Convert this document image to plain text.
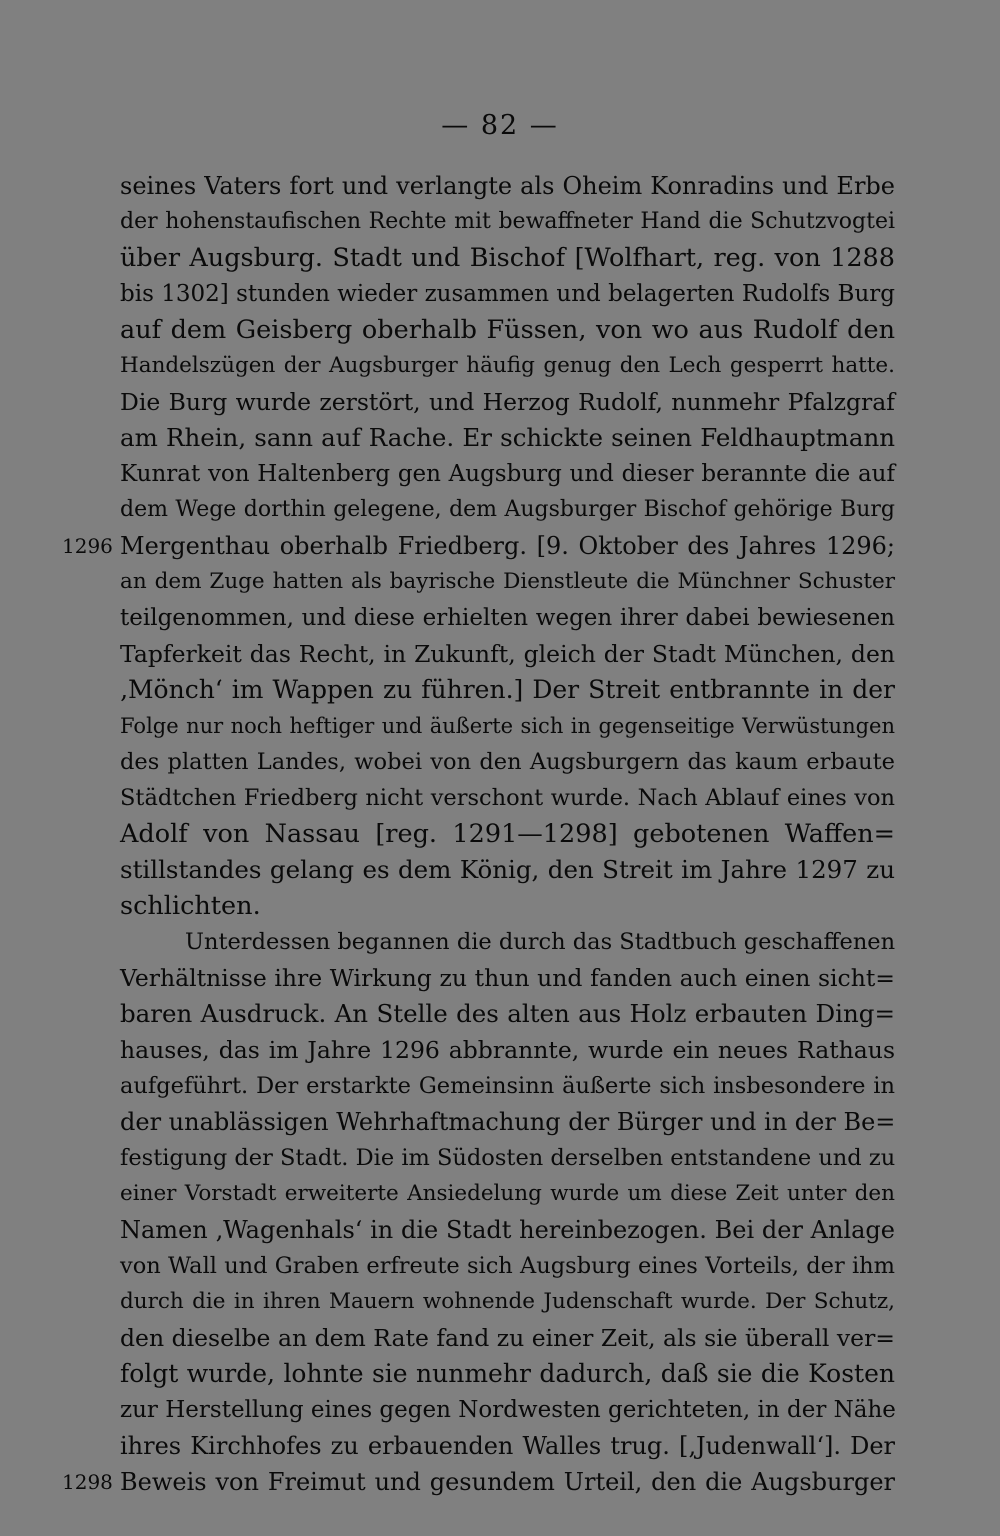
— 82 —
seines Vaters fort und verlangte als Oheim Konradins und Erbe
der hohenstaufischen Rechte mit bewaffneter Hand die Schutzvogtei
über Augsburg. Stadt und Bischof [Wolfhart, reg. von 1288
bis 1302] stunden wieder zusammen und belagerten Rudolfs Burg
auf dem Geisberg oberhalb Füssen, von wo aus Rudolf den
Handelszügen der Augsburger häufig genug den Lech gesperrt hatte.
Die Burg wurde zerstört, und Herzog Rudolf, nunmehr Pfalzgraf
am Rhein, sann auf Rache. Er schickte seinen Feldhauptmann
Kunrat von Haltenberg gen Augsburg und dieser berannte die auf
dem Wege dorthin gelegene, dem Augsburger Bischof gehörige Burg
1296 Mergenthau oberhalb Friedberg. [9. Oktober des Jahres 1296;
an dem Zuge hatten als bayrische Dienstleute die Münchner Schuster
teilgenommen, und diese erhielten wegen ihrer dabei bewiesenen
Tapferkeit das Recht, in Zukunft, gleich der Stadt München, den
‚Mönch‘ im Wappen zu führen.] Der Streit entbrannte in der
Folge nur noch heftiger und äußerte sich in gegenseitige Verwüstungen
des platten Landes, wobei von den Augsburgern das kaum erbaute
Städtchen Friedberg nicht verschont wurde. Nach Ablauf eines von
Adolf von Nassau [reg. 1291—1298] gebotenen Waffen=
stillstandes gelang es dem König, den Streit im Jahre 1297 zu
schlichten.
Unterdessen begannen die durch das Stadtbuch geschaffenen
Verhältnisse ihre Wirkung zu thun und fanden auch einen sicht=
baren Ausdruck. An Stelle des alten aus Holz erbauten Ding=
hauses, das im Jahre 1296 abbrannte, wurde ein neues Rathaus
aufgeführt. Der erstarkte Gemeinsinn äußerte sich insbesondere in
der unablässigen Wehrhaftmachung der Bürger und in der Be=
festigung der Stadt. Die im Südosten derselben entstandene und zu
einer Vorstadt erweiterte Ansiedelung wurde um diese Zeit unter den
Namen ‚Wagenhals‘ in die Stadt hereinbezogen. Bei der Anlage
von Wall und Graben erfreute sich Augsburg eines Vorteils, der ihm
durch die in ihren Mauern wohnende Judenschaft wurde. Der Schutz,
den dieselbe an dem Rate fand zu einer Zeit, als sie überall ver=
folgt wurde, lohnte sie nunmehr dadurch, daß sie die Kosten
zur Herstellung eines gegen Nordwesten gerichteten, in der Nähe
ihres Kirchhofes zu erbauenden Walles trug. [‚Judenwall‘]. Der
1298 Beweis von Freimut und gesundem Urteil, den die Augsburger
